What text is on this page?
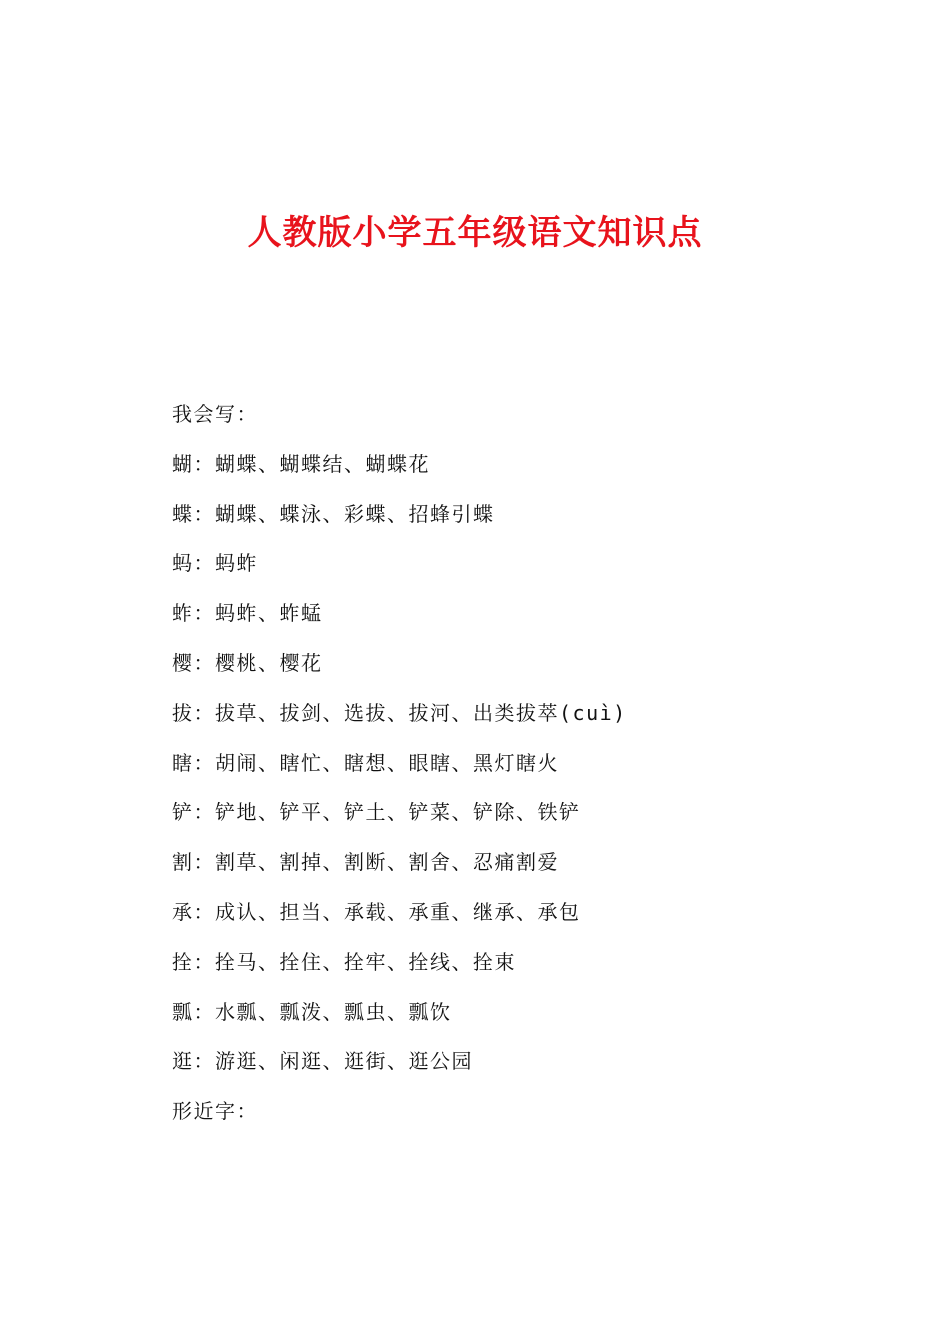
人教版小学五年级语文知识点
我会写：
蝴：蝴蝶、蝴蝶结、蝴蝶花
蝶：蝴蝶、蝶泳、彩蝶、招蜂引蝶
蚂：蚂蚱
蚱：蚂蚱、蚱蜢
樱：樱桃、樱花
拔：拔草、拔剑、选拔、拔河、出类拔萃(cuì)
瞎：胡闹、瞎忙、瞎想、眼瞎、黑灯瞎火
铲：铲地、铲平、铲土、铲菜、铲除、铁铲
割：割草、割掉、割断、割舍、忍痛割爱
承：成认、担当、承载、承重、继承、承包
拴：拴马、拴住、拴牢、拴线、拴束
瓢：水瓢、瓢泼、瓢虫、瓢饮
逛：游逛、闲逛、逛街、逛公园
形近字：
